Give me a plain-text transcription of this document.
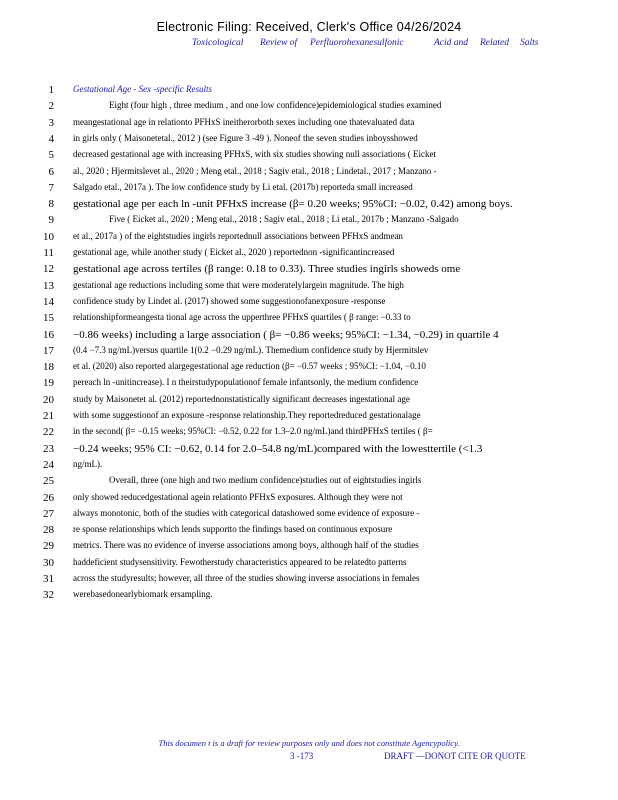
Electronic Filing: Received, Clerk's Office 04/26/2024
Toxicological Review of Perfluorohexanesulfonic	Acid and Related Salts
1 Gestational Age - Sex -specific Results
2	Eight (four high , three medium , and one low confidence)epidemiological studies examined
3 meangestational age in relationto PFHxS ineitherorboth sexes including one thatevaluated data
4 in girls only ( Maisonetetal., 2012 ) (see Figure 3 -49 ). Noneof the seven studies inboysshowed
5 decreased gestational age with increasing PFHxS, with six studies showing null associations ( Eicket
6 al., 2020 ; Hjermitslevet al., 2020 ; Meng etal., 2018 ; Sagiv etal., 2018 ; Lindetal., 2017 ; Manzano -
7 Salgado etal., 2017a ). The low confidence study by Li etal. (2017b) reporteda small increased
8 gestational age per each ln -unit PFHxS increase (β= 0.20 weeks; 95%CI: −0.02, 0.42) among boys.
9	Five ( Eicket al., 2020 ; Meng etal., 2018 ; Sagiv etal., 2018 ; Li etal., 2017b ; Manzano -Salgado
10 et al., 2017a ) of the eightstudies ingirls reportednull associations between PFHxS andmean
11 gestational age, while another study ( Eicket al., 2020 ) reportednon -significantincreased
12 gestational age across tertiles (β range: 0.18 to 0.33). Three studies ingirls showeds ome
13 gestational age reductions including some that were moderatelylargein magnitude. The high
14 confidence study by Lindet al. (2017) showed some suggestionofanexposure -response
15 relationshipformeangesta tional age across the upperthree PFHxS quartiles ( β range: −0.33 to
16 −0.86 weeks) including a large association ( β= −0.86 weeks; 95%CI: −1.34, −0.29) in quartile 4
17 (0.4 −7.3 ng/mL)versus quartile 1(0.2 −0.29 ng/mL). Themedium confidence study by Hjermitslev
18 et al. (2020) also reported alargegestational age reduction (β= −0.57 weeks ; 95%CI: −1.04, −0.10
19 pereach ln -unitincrease). I n theirstudypopulationof female infantsonly, the medium confidence
20 study by Maisonetet al. (2012) reportednonstatistically significant decreases ingestational age
21 with some suggestionof an exposure -response relationship.They reportedreduced gestationalage
22 in the second( β= −0.15 weeks; 95%CI: −0.52, 0.22 for 1.3–2.0 ng/mL)and thirdPFHxS tertiles ( β=
23 −0.24 weeks; 95% CI: −0.62, 0.14 for 2.0–54.8 ng/mL)compared with the lowesttertile (<1.3
24 ng/mL).
25	Overall, three (one high and two medium confidence)studies out of eightstudies ingirls
26 only showed reducedgestational agein relationto PFHxS exposures. Although they were not
27 always monotonic, both of the studies with categorical datashowed some evidence of exposure -
28 re sponse relationships which lends supportto the findings based on continuous exposure
29 metrics. There was no evidence of inverse associations among boys, although half of the studies
30 haddeficient studysensitivity. Fewotherstudy characteristics appeared to be relatedto patterns
31 across the studyresults; however, all three of the studies showing inverse associations in females
32 werebasedonearlybiomark ersampling.
This documen t is a draft for review purposes only and does not constitute Agencypolicy.
3 -173	DRAFT —DONOT CITE OR QUOTE
